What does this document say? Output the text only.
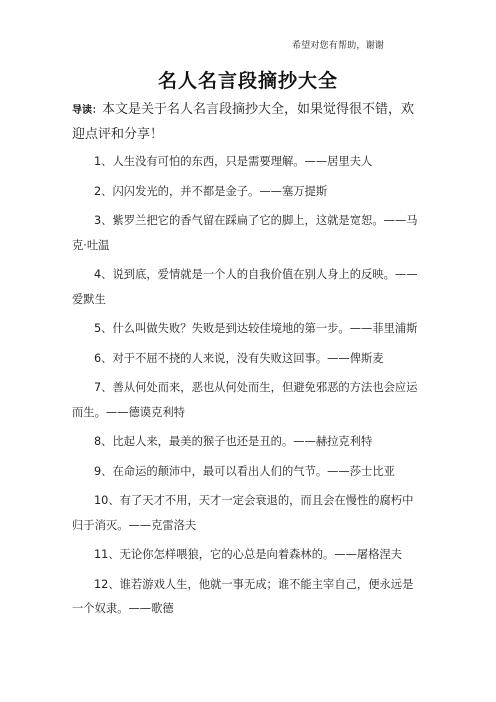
希望对您有帮助，谢谢
名人名言段摘抄大全
导读：本文是关于名人名言段摘抄大全，如果觉得很不错，欢迎点评和分享！

1、人生没有可怕的东西，只是需要理解。——居里夫人

2、闪闪发光的，并不都是金子。——塞万提斯

3、紫罗兰把它的香气留在踩扁了它的脚上，这就是宽恕。——马克·吐温

4、说到底，爱情就是一个人的自我价值在别人身上的反映。——爱默生

5、什么叫做失败？失败是到达较佳境地的第一步。——菲里浦斯

6、对于不屈不挠的人来说，没有失败这回事。——俾斯麦

7、善从何处而来，恶也从何处而生，但避免邪恶的方法也会应运而生。——德谟克利特

8、比起人来，最美的猴子也还是丑的。——赫拉克利特

9、在命运的颠沛中，最可以看出人们的气节。——莎士比亚

10、有了天才不用，天才一定会衰退的，而且会在慢性的腐朽中归于消灭。——克雷洛夫

11、无论你怎样喂狼，它的心总是向着森林的。——屠格涅夫

12、谁若游戏人生，他就一事无成；谁不能主宰自己，便永远是一个奴隶。——歌德
